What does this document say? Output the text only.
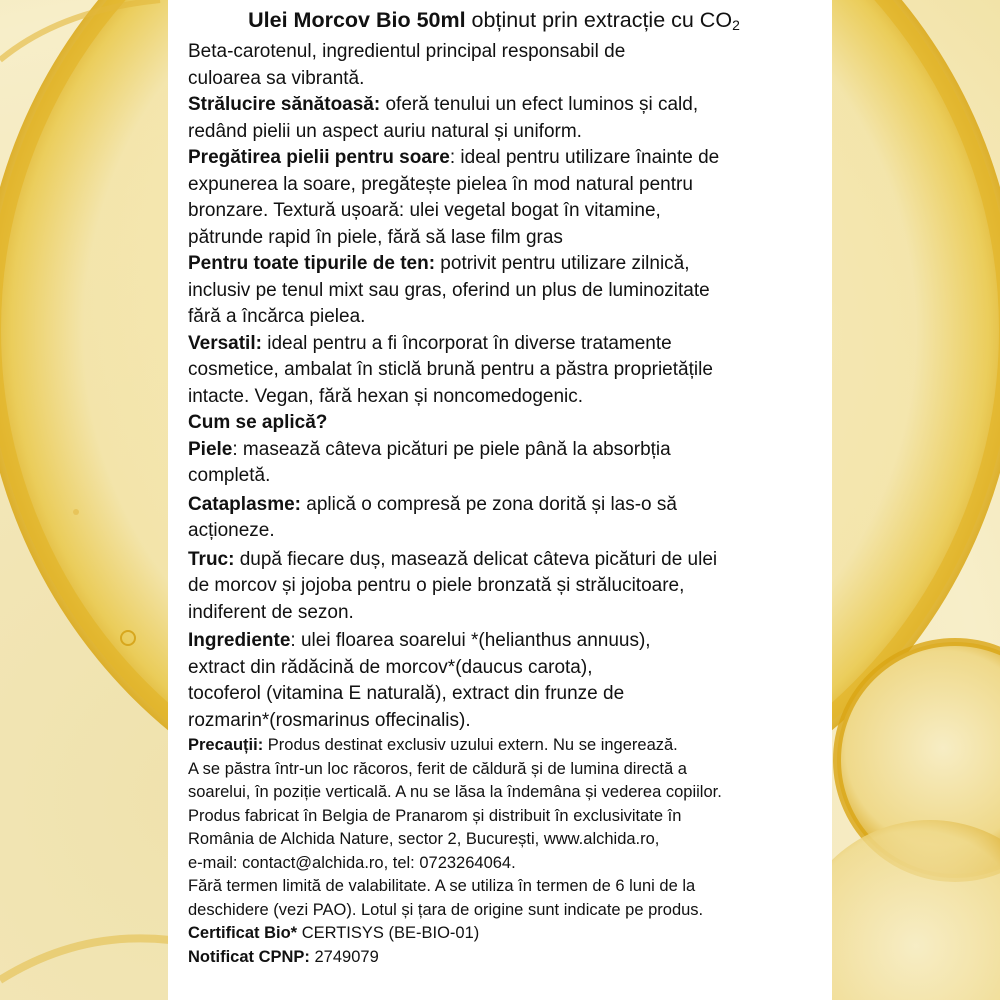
Ulei Morcov Bio 50ml obținut prin extracție cu $CO_2$
Beta-carotenul, ingredientul principal responsabil de
culoarea sa vibrantă.
Strălucire sănătoasă: oferă tenului un efect luminos și cald,
redând pielii un aspect auriu natural și uniform.
Pregătirea pielii pentru soare: ideal pentru utilizare înainte de
expunerea la soare, pregătește pielea în mod natural pentru
bronzare. Textură ușoară: ulei vegetal bogat în vitamine,
pătrunde rapid în piele, fără să lase film gras
Pentru toate tipurile de ten: potrivit pentru utilizare zilnică,
inclusiv pe tenul mixt sau gras, oferind un plus de luminozitate
fără a încărca pielea.
Versatil: ideal pentru a fi încorporat în diverse tratamente
cosmetice, ambalat în sticlă brună pentru a păstra proprietățile
intacte. Vegan, fără hexan și noncomedogenic.
Cum se aplică?
Piele: masează câteva picături pe piele până la absorbția
completă.
Cataplasme: aplică o compresă pe zona dorită și las-o să
acționeze.
Truc: după fiecare duș, masează delicat câteva picături de ulei
de morcov și jojoba pentru o piele bronzată și strălucitoare,
indiferent de sezon.
Ingrediente: ulei floarea soarelui *(helianthus annuus),
extract din rădăcină de morcov*(daucus carota),
tocoferol (vitamina E naturală), extract din frunze de
rozmarin*(rosmarinus offecinalis).
Precauții: Produs destinat exclusiv uzului extern. Nu se ingerează.
A se păstra într-un loc răcoros, ferit de căldură și de lumina directă a
soarelui, în poziție verticală. A nu se lăsa la îndemâna și vederea copiilor.
Produs fabricat în Belgia de Pranarom și distribuit în exclusivitate în
România de Alchida Nature, sector 2, București, www.alchida.ro,
e-mail: contact@alchida.ro, tel: 0723264064.
Fără termen limită de valabilitate. A se utiliza în termen de 6 luni de la
deschidere (vezi PAO). Lotul și țara de origine sunt indicate pe produs.
Certificat Bio* CERTISYS (BE-BIO-01)
Notificat CPNP: 2749079
